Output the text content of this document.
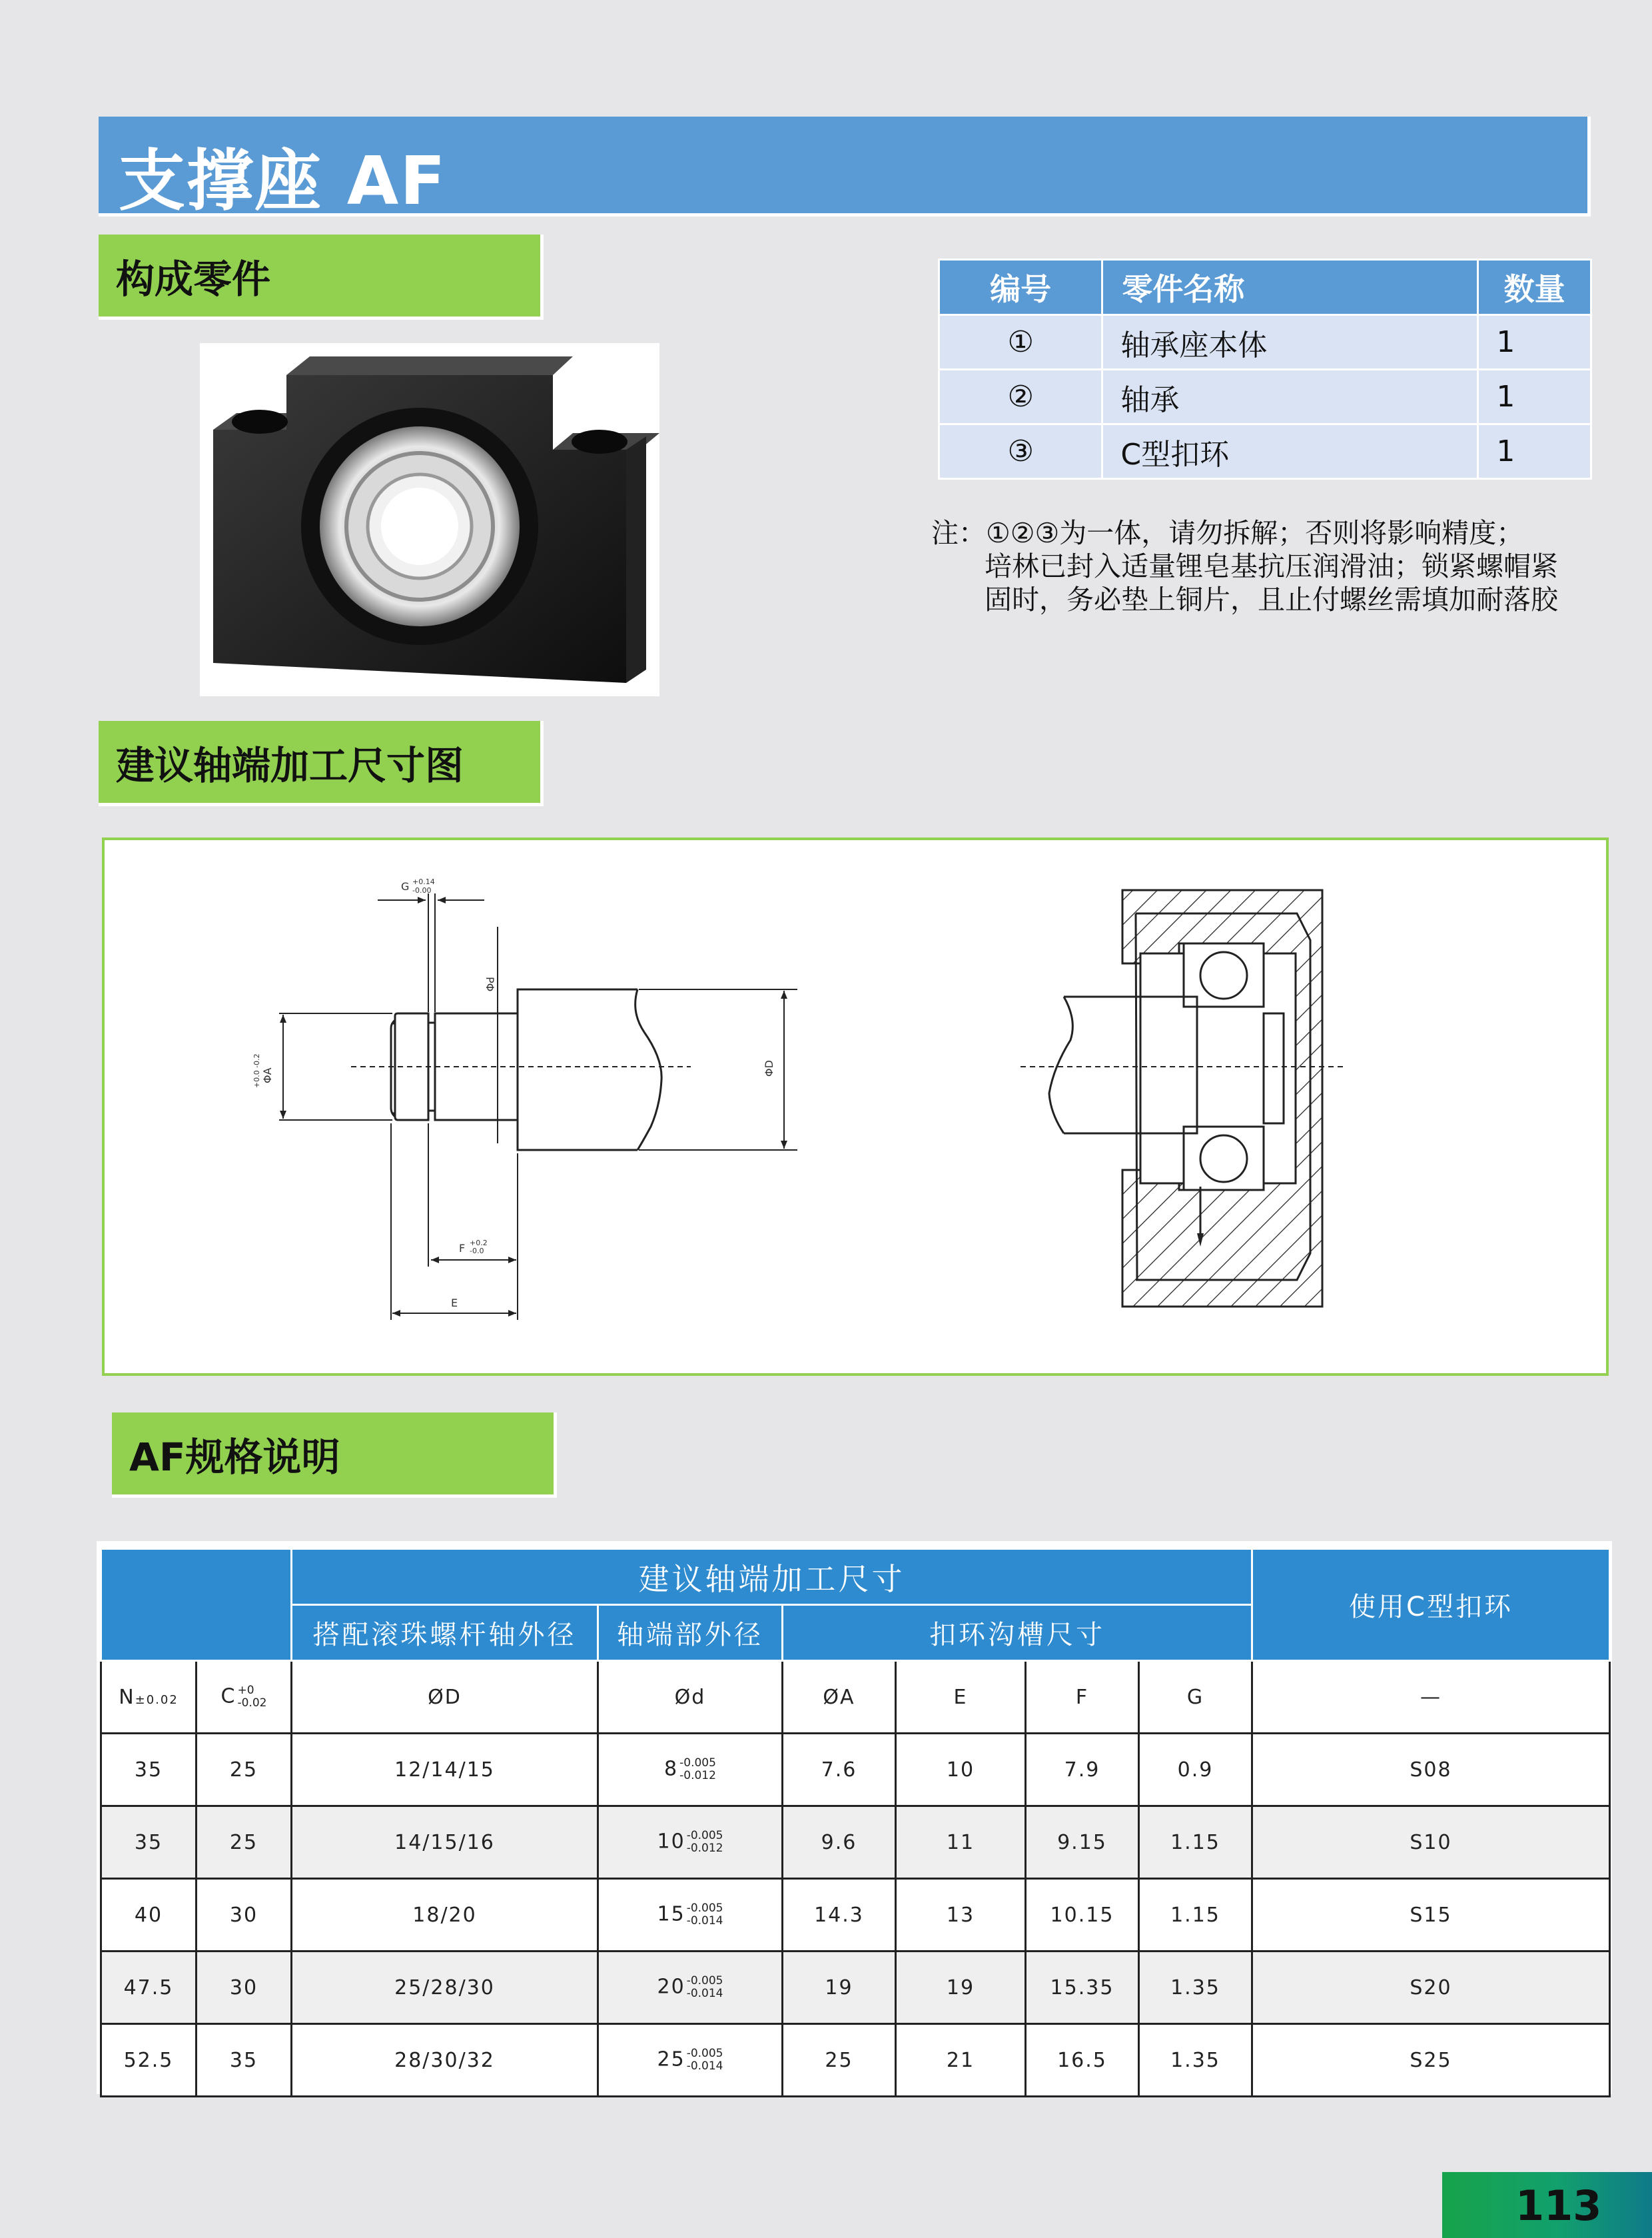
支撑座 AF
构成零件	编号	零件名称	数量
①	轴承座本体	1
②	轴承	1
③	C型扣环	1
注：①②③为一体，请勿拆解；否则将影响精度；
培林已封入适量锂皂基抗压润滑油；锁紧螺帽紧
固时，务必垫上铜片，且止付螺丝需填加耐落胶
建议轴端加工尺寸图
G +0.14
-0.00
PΦ
ΦA
+0.0 -0.2	ΦD
F +0.2
-0.0
E
AF规格说明
		建议轴端加工尺寸						使用C型扣环
		搭配滚珠螺杆轴外径	轴端部外径	扣环沟槽尺寸				
N±0.02	C +0
-0.02	ØD	Ød	ØA	E	F	G	—
35	25	12/14/15	8 -0.005
-0.012	7.6	10	7.9	0.9	S08
35	25	14/15/16	10 -0.005
-0.012	9.6	11	9.15	1.15	S10
40	30	18/20	15 -0.005
-0.014	14.3	13	10.15	1.15	S15
47.5	30	25/28/30	20 -0.005
-0.014	19	19	15.35	1.35	S20
52.5	35	28/30/32	25 -0.005
-0.014	25	21	16.5	1.35	S25
113
